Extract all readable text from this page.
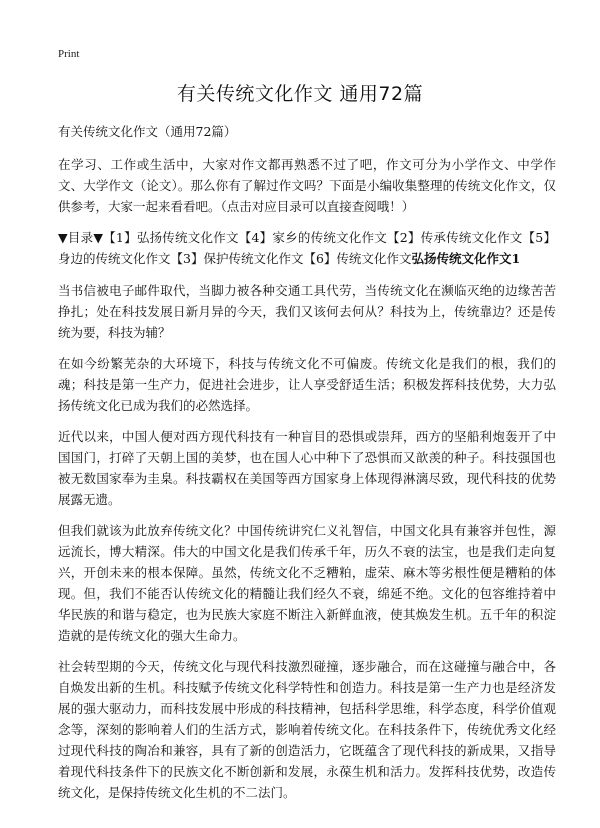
Print
有关传统文化作文 通用72篇

有关传统文化作文（通用72篇）

在学习、工作或生活中，大家对作文都再熟悉不过了吧，作文可分为小学作文、中学作文、大学作文（论文）。那么你有了解过作文吗？下面是小编收集整理的传统文化作文，仅供参考，大家一起来看看吧。（点击对应目录可以直接查阅哦！）

▼目录▼【1】弘扬传统文化作文【4】家乡的传统文化作文【2】传承传统文化作文【5】身边的传统文化作文【3】保护传统文化作文【6】传统文化作文弘扬传统文化作文1

当书信被电子邮件取代，当脚力被各种交通工具代劳，当传统文化在濒临灭绝的边缘苦苦挣扎；处在科技发展日新月异的今天，我们又该何去何从？科技为上，传统靠边？还是传统为要，科技为辅？

在如今纷繁芜杂的大环境下，科技与传统文化不可偏废。传统文化是我们的根，我们的魂；科技是第一生产力，促进社会进步，让人享受舒适生活；积极发挥科技优势，大力弘扬传统文化已成为我们的必然选择。

近代以来，中国人便对西方现代科技有一种盲目的恐惧或崇拜，西方的坚船利炮轰开了中国国门，打碎了天朝上国的美梦，也在国人心中种下了恐惧而又歆羡的种子。科技强国也被无数国家奉为圭臬。科技霸权在美国等西方国家身上体现得淋漓尽致，现代科技的优势展露无遗。

但我们就该为此放弃传统文化？中国传统讲究仁义礼智信，中国文化具有兼容并包性，源远流长，博大精深。伟大的中国文化是我们传承千年，历久不衰的法宝，也是我们走向复兴，开创未来的根本保障。虽然，传统文化不乏糟粕，虚荣、麻木等劣根性便是糟粕的体现。但，我们不能否认传统文化的精髓让我们经久不衰，绵延不绝。文化的包容维持着中华民族的和谐与稳定，也为民族大家庭不断注入新鲜血液，使其焕发生机。五千年的积淀造就的是传统文化的强大生命力。

社会转型期的今天，传统文化与现代科技激烈碰撞，逐步融合，而在这碰撞与融合中，各自焕发出新的生机。科技赋予传统文化科学特性和创造力。科技是第一生产力也是经济发展的强大驱动力，而科技发展中形成的科技精神，包括科学思维，科学态度，科学价值观念等，深刻的影响着人们的生活方式，影响着传统文化。在科技条件下，传统优秀文化经过现代科技的陶冶和兼容，具有了新的创造活力，它既蕴含了现代科技的新成果，又指导着现代科技条件下的民族文化不断创新和发展，永葆生机和活力。发挥科技优势，改造传统文化，是保持传统文化生机的不二法门。
